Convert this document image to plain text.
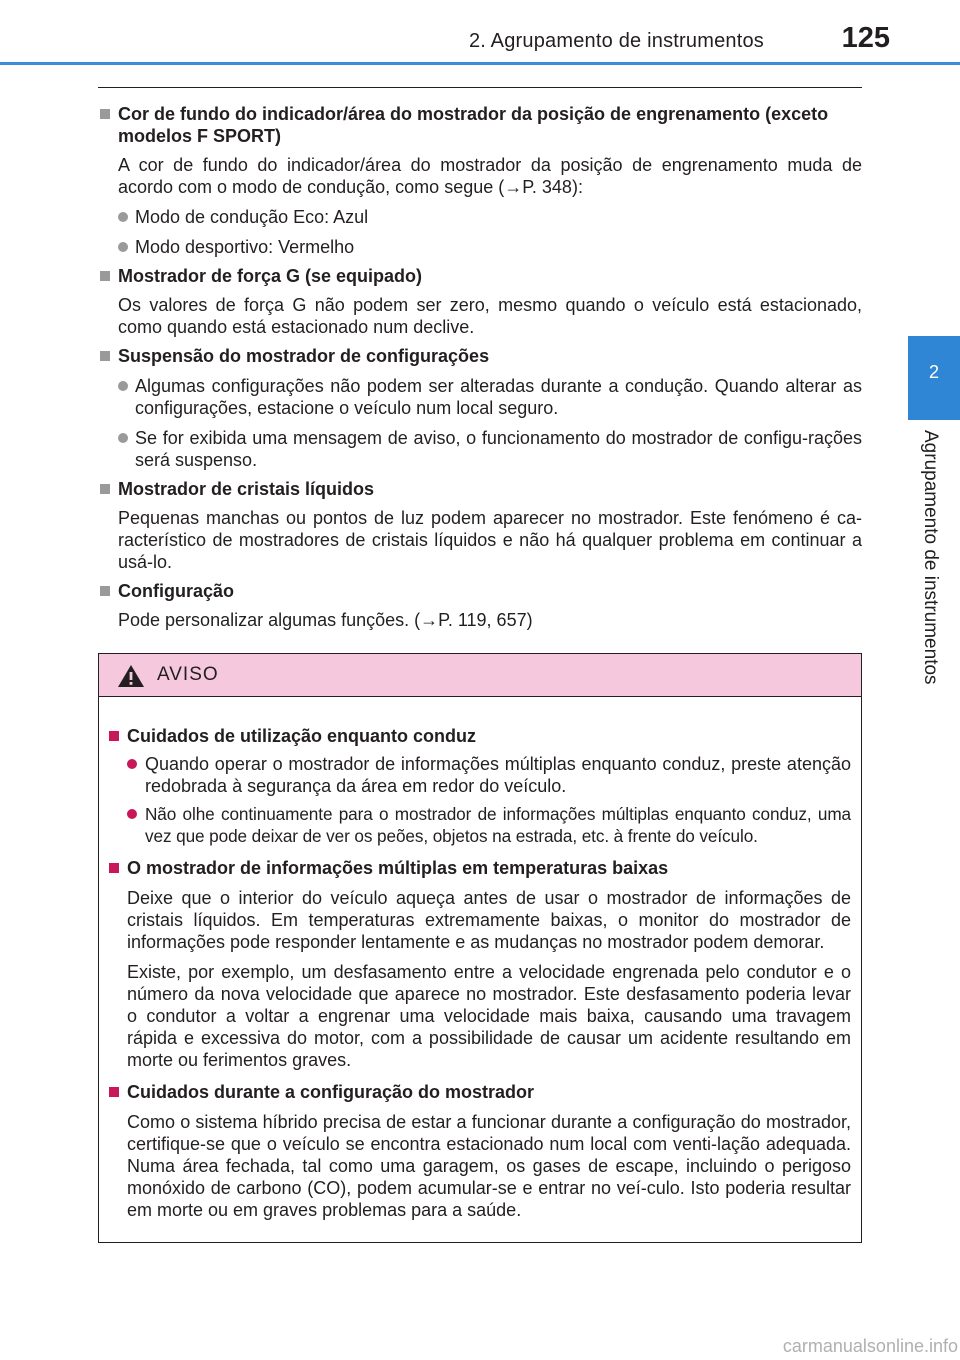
2. Agrupamento de instrumentos	125
2
Agrupamento de instrumentos
Cor de fundo do indicador/área do mostrador da posição de engrenamento (exceto modelos F SPORT)
A cor de fundo do indicador/área do mostrador da posição de engrenamento muda de acordo com o modo de condução, como segue (→P. 348):
Modo de condução Eco: Azul
Modo desportivo: Vermelho
Mostrador de força G (se equipado)
Os valores de força G não podem ser zero, mesmo quando o veículo está estacionado, como quando está estacionado num declive.
Suspensão do mostrador de configurações
Algumas configurações não podem ser alteradas durante a condução. Quando alterar as configurações, estacione o veículo num local seguro.
Se for exibida uma mensagem de aviso, o funcionamento do mostrador de configu-rações será suspenso.
Mostrador de cristais líquidos
Pequenas manchas ou pontos de luz podem aparecer no mostrador. Este fenómeno é ca-racterístico de mostradores de cristais líquidos e não há qualquer problema em continuar a usá-lo.
Configuração
Pode personalizar algumas funções. (→P. 119, 657)
AVISO
Cuidados de utilização enquanto conduz
Quando operar o mostrador de informações múltiplas enquanto conduz, preste atenção redobrada à segurança da área em redor do veículo.
Não olhe continuamente para o mostrador de informações múltiplas enquanto conduz, uma vez que pode deixar de ver os peões, objetos na estrada, etc. à frente do veículo.
O mostrador de informações múltiplas em temperaturas baixas
Deixe que o interior do veículo aqueça antes de usar o mostrador de informações de cristais líquidos. Em temperaturas extremamente baixas, o monitor do mostrador de informações pode responder lentamente e as mudanças no mostrador podem demorar.
Existe, por exemplo, um desfasamento entre a velocidade engrenada pelo condutor e o número da nova velocidade que aparece no mostrador. Este desfasamento poderia levar o condutor a voltar a engrenar uma velocidade mais baixa, causando uma travagem rápida e excessiva do motor, com a possibilidade de causar um acidente resultando em morte ou ferimentos graves.
Cuidados durante a configuração do mostrador
Como o sistema híbrido precisa de estar a funcionar durante a configuração do mostrador, certifique-se que o veículo se encontra estacionado num local com venti-lação adequada. Numa área fechada, tal como uma garagem, os gases de escape, incluindo o perigoso monóxido de carbono (CO), podem acumular-se e entrar no veí-culo. Isto poderia resultar em morte ou em graves problemas para a saúde.
carmanualsonline.info
